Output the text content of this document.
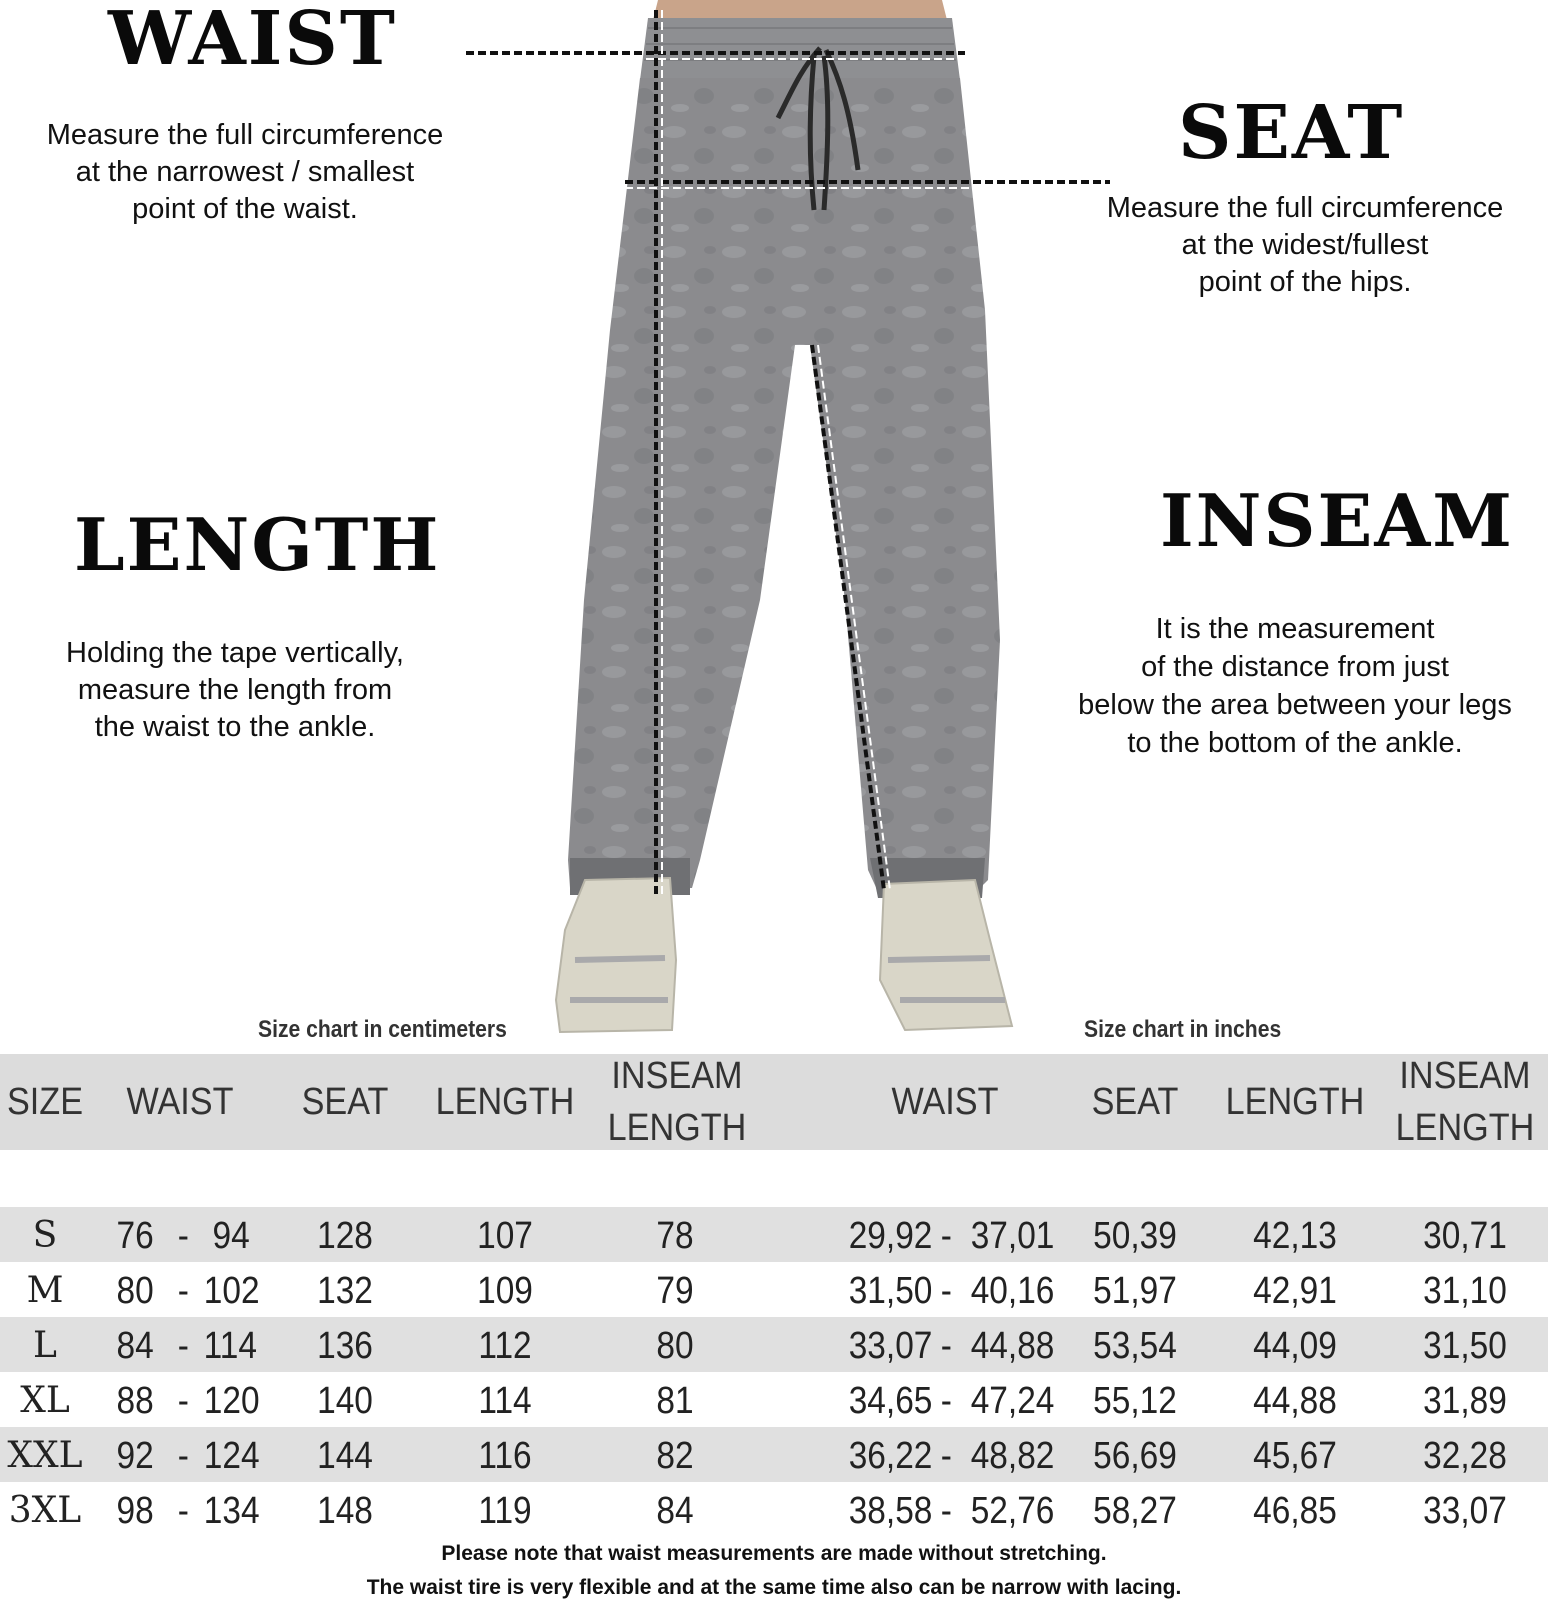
WAIST
Measure the full circumference
at the narrowest / smallest
point of the waist.
SEAT
Measure the full circumference
at the widest/fullest
point of the hips.
LENGTH
Holding the tape vertically,
measure the length from
the waist to the ankle.
INSEAM
It is the measurement
of the distance from just
below the area between your legs
to the bottom of the ankle.
Size chart in centimeters	Size chart in inches
SIZE WAIST SEAT LENGTH
INSEAM
LENGTH
WAIST	SEAT LENGTH
INSEAM
LENGTH
S	76 - 94	128	107	78	29,92 - 37,01 50,39 42,13 30,71
M	80 - 102	132	109	79	31,50 - 40,16 51,97 42,91 31,10
L	84 - 114	136	112	80	33,07 - 44,88 53,54 44,09 31,50
XL	88 - 120	140	114	81	34,65 - 47,24 55,12 44,88 31,89
XXL 92 - 124	144	116	82	36,22 - 48,82 56,69 45,67 32,28
3XL 98 - 134	148	119	84	38,58 - 52,76 58,27 46,85 33,07
Please note that waist measurements are made without stretching.
The waist tire is very flexible and at the same time also can be narrow with lacing.
